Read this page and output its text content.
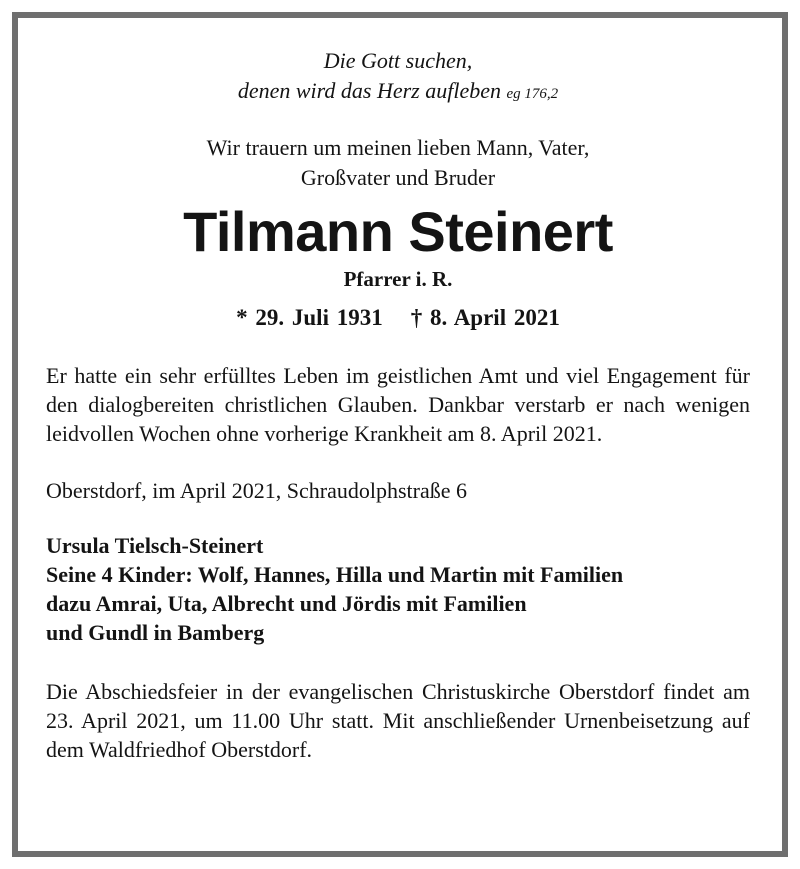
Die Gott suchen,
denen wird das Herz aufleben eg 176,2

Wir trauern um meinen lieben Mann, Vater,
Großvater und Bruder
Tilmann Steinert
Pfarrer i. R.
* 29. Juli 1931 † 8. April 2021
Er hatte ein sehr erfülltes Leben im geistlichen Amt und viel Engagement für den dialogbereiten christlichen Glauben. Dankbar verstarb er nach wenigen leidvollen Wochen ohne vorherige Krankheit am 8. April 2021.
Oberstdorf, im April 2021, Schraudolphstraße 6
Ursula Tielsch-Steinert
Seine 4 Kinder: Wolf, Hannes, Hilla und Martin mit Familien
dazu Amrai, Uta, Albrecht und Jördis mit Familien
und Gundl in Bamberg
Die Abschiedsfeier in der evangelischen Christuskirche Oberstdorf findet am 23. April 2021, um 11.00 Uhr statt. Mit anschließender Urnenbeisetzung auf dem Waldfriedhof Oberstdorf.
